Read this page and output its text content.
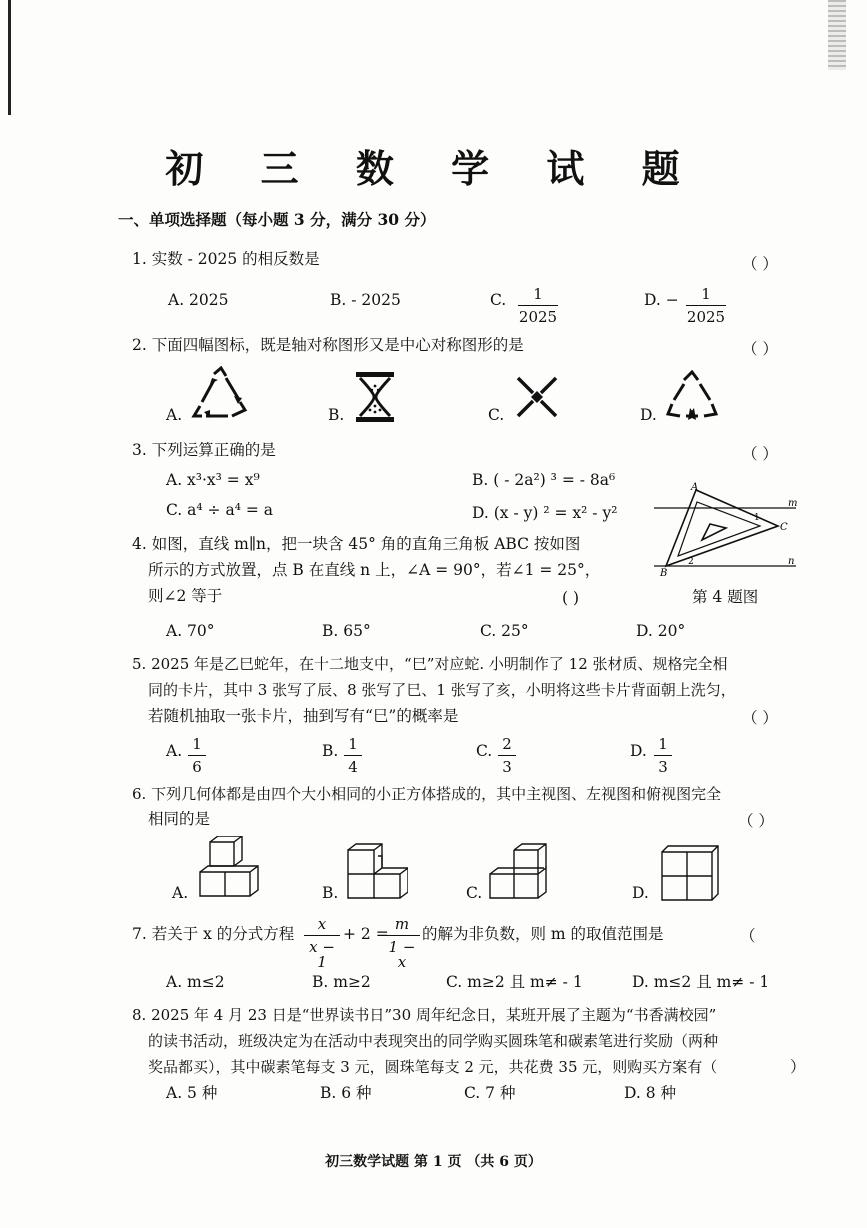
初 三 数 学 试 题
一、单项选择题（每小题 3 分，满分 30 分）
1. 实数 - 2025 的相反数是	（ ）
A. 2025	B. - 2025	C. $\frac{1}{2025}$	D. − $\frac{1}{2025}$
2. 下面四幅图标，既是轴对称图形又是中心对称图形的是	（ ）
A.	B.	C.	D.
3. 下列运算正确的是	（ ）
A. x³·x³ = x⁹	B. ( - 2a²) ³ = - 8a⁶
C. a⁴ ÷ a⁴ = a	D. (x - y) ² = x² - y²
4. 如图，直线 m∥n，把一块含 45° 角的直角三角板 ABC 按如图
所示的方式放置，点 B 在直线 n 上，∠A = 90°，若∠1 = 25°，
则∠2 等于	( )
A
B
C
m
n
1
2
第 4 题图
A. 70°	B. 65°	C. 25°	D. 20°
5. 2025 年是乙巳蛇年，在十二地支中，“巳”对应蛇. 小明制作了 12 张材质、规格完全相
同的卡片，其中 3 张写了辰、8 张写了巳、1 张写了亥，小明将这些卡片背面朝上洗匀，
若随机抽取一张卡片，抽到写有“巳”的概率是	（ ）
A. $\frac{1}{6}$	B. $\frac{1}{4}$	C. $\frac{2}{3}$	D. $\frac{1}{3}$
6. 下列几何体都是由四个大小相同的小正方体搭成的，其中主视图、左视图和俯视图完全
相同的是	（ ）
A.	B.	C.	D.
7. 若关于 x 的分式方程 $\frac{x}{x - 1} + 2$ =
$\frac{m}{1 - x}$ 的解为非负数，则 m 的取值范围是	（
A. m≤2	B. m≥2	C. m≥2 且 m≠ - 1	D. m≤2 且 m≠ - 1
8. 2025 年 4 月 23 日是“世界读书日”30 周年纪念日，某班开展了主题为“书香满校园”
的读书活动，班级决定为在活动中表现突出的同学购买圆珠笔和碳素笔进行奖励（两种
奖品都买），其中碳素笔每支 3 元，圆珠笔每支 2 元，共花费 35 元，则购买方案有（	）
A. 5 种	B. 6 种	C. 7 种	D. 8 种
初三数学试题 第 1 页 （共 6 页）
